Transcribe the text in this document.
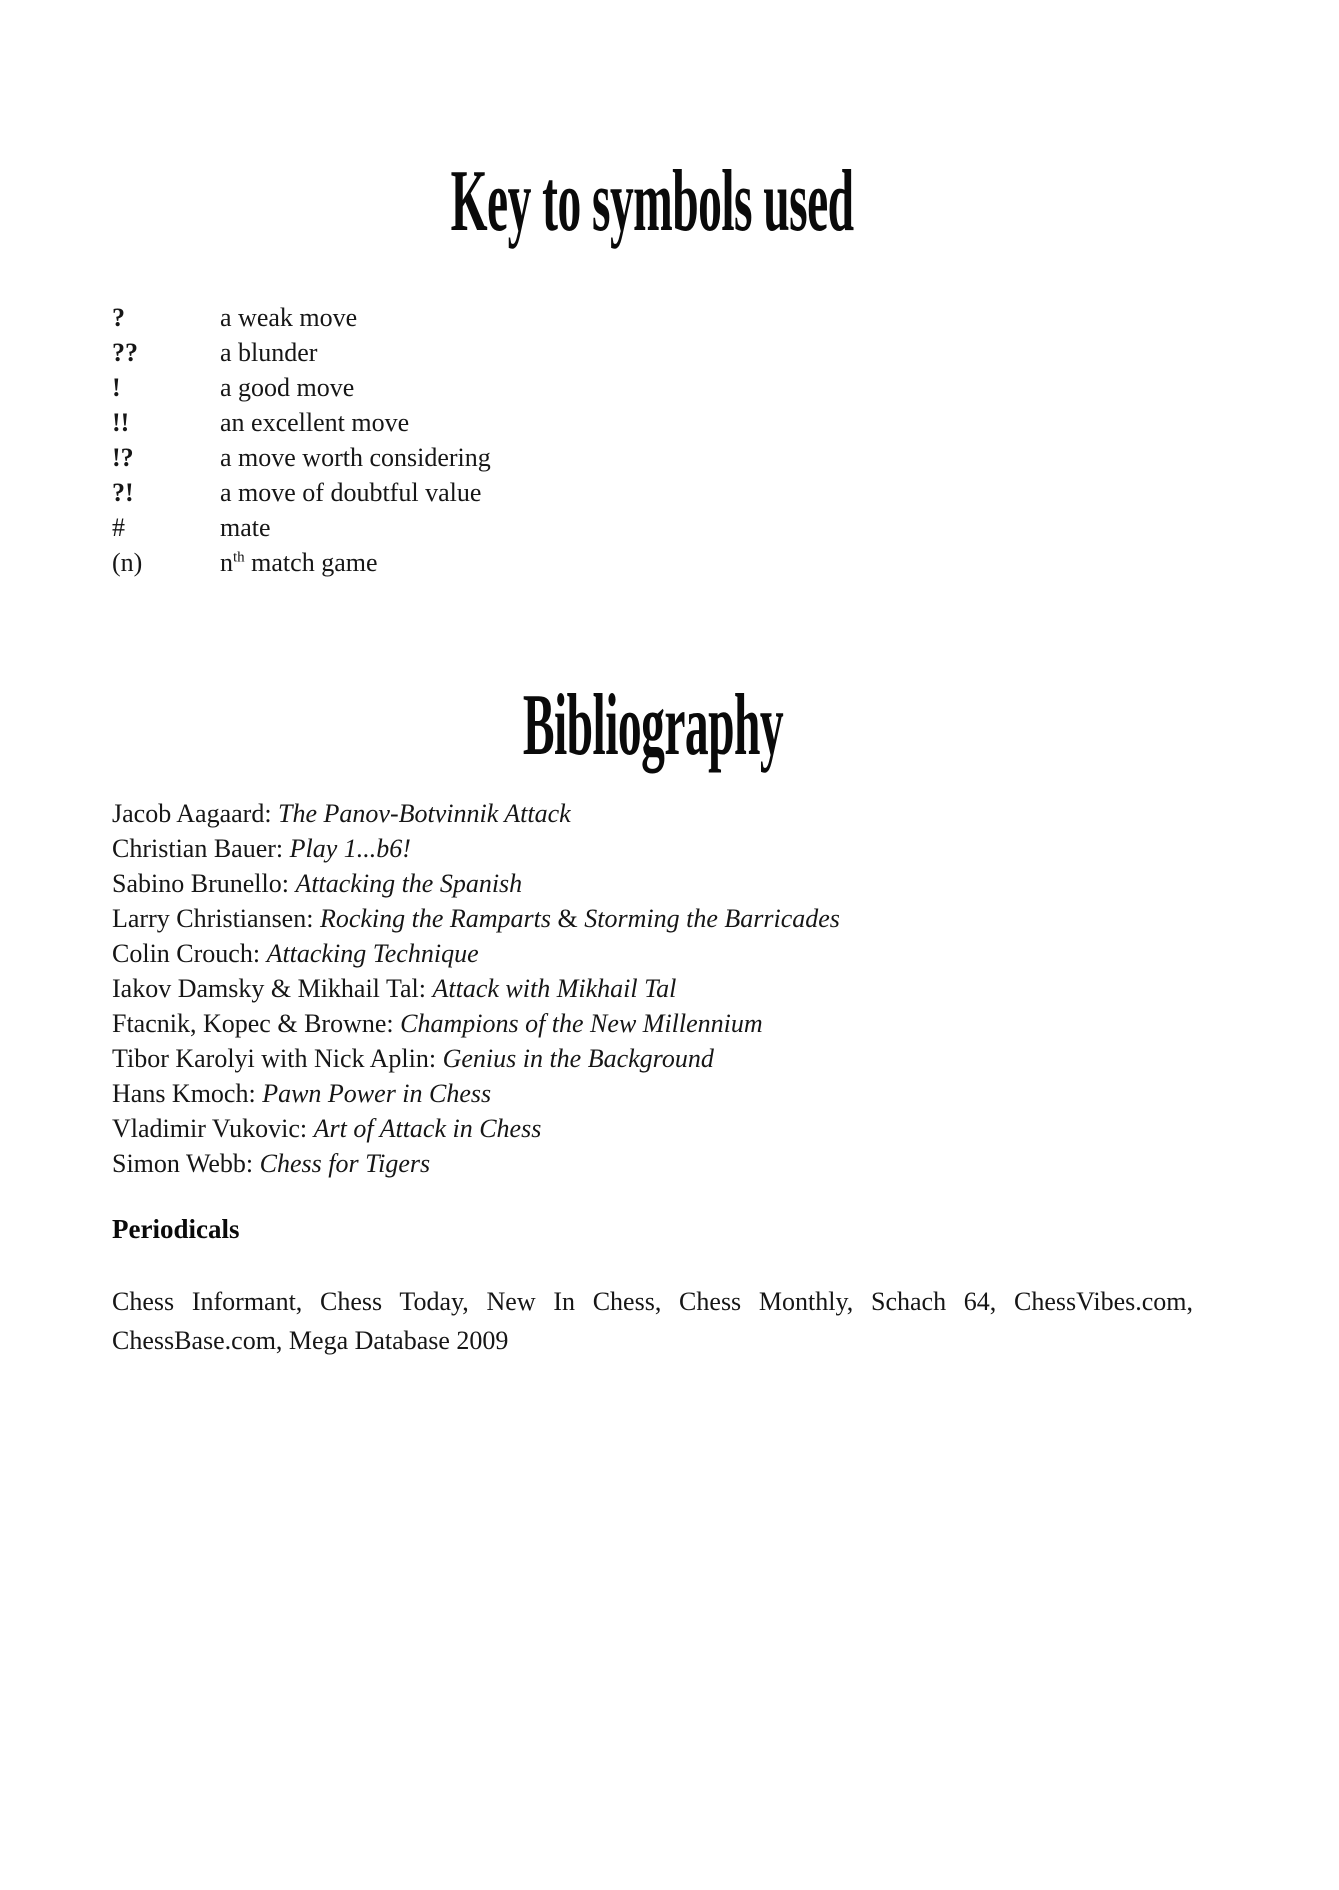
Key to symbols used
?	a weak move
??	a blunder
!	a good move
!!	an excellent move
!?	a move worth considering
?!	a move of doubtful value
#	mate
(n)	$n^{th}$ match game
Bibliography
Jacob Aagaard: The Panov-Botvinnik Attack
Christian Bauer: Play 1...b6!
Sabino Brunello: Attacking the Spanish
Larry Christiansen: Rocking the Ramparts & Storming the Barricades
Colin Crouch: Attacking Technique
Iakov Damsky & Mikhail Tal: Attack with Mikhail Tal
Ftacnik, Kopec & Browne: Champions of the New Millennium
Tibor Karolyi with Nick Aplin: Genius in the Background
Hans Kmoch: Pawn Power in Chess
Vladimir Vukovic: Art of Attack in Chess
Simon Webb: Chess for Tigers
Periodicals
Chess Informant, Chess Today, New In Chess, Chess Monthly, Schach 64, ChessVibes.com,
ChessBase.com, Mega Database 2009
